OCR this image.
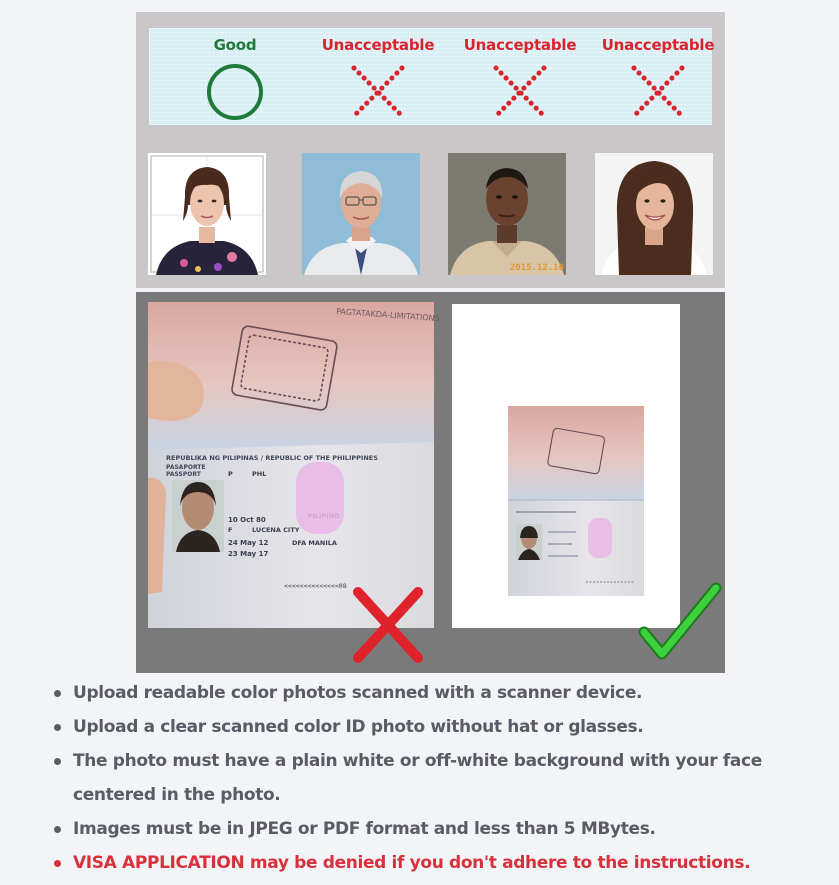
Good	Unacceptable	Unacceptable	Unacceptable
2015.12.10
PAGTATAKDA-LIMITATIONS
REPUBLIKA NG PILIPINAS / REPUBLIC OF THE PHILIPPINES
PASAPORTE
PASSPORT	P	PHL
10 Oct 80
F	LUCENA CITY
24 May 12	DFA MANILA
23 May 17
<<<<<<<<<<<<<<08
Upload readable color photos scanned with a scanner device.
Upload a clear scanned color ID photo without hat or glasses.
The photo must have a plain white or off-white background with your face centered in the photo.
Images must be in JPEG or PDF format and less than 5 MBytes.
VISA APPLICATION may be denied if you don't adhere to the instructions.
